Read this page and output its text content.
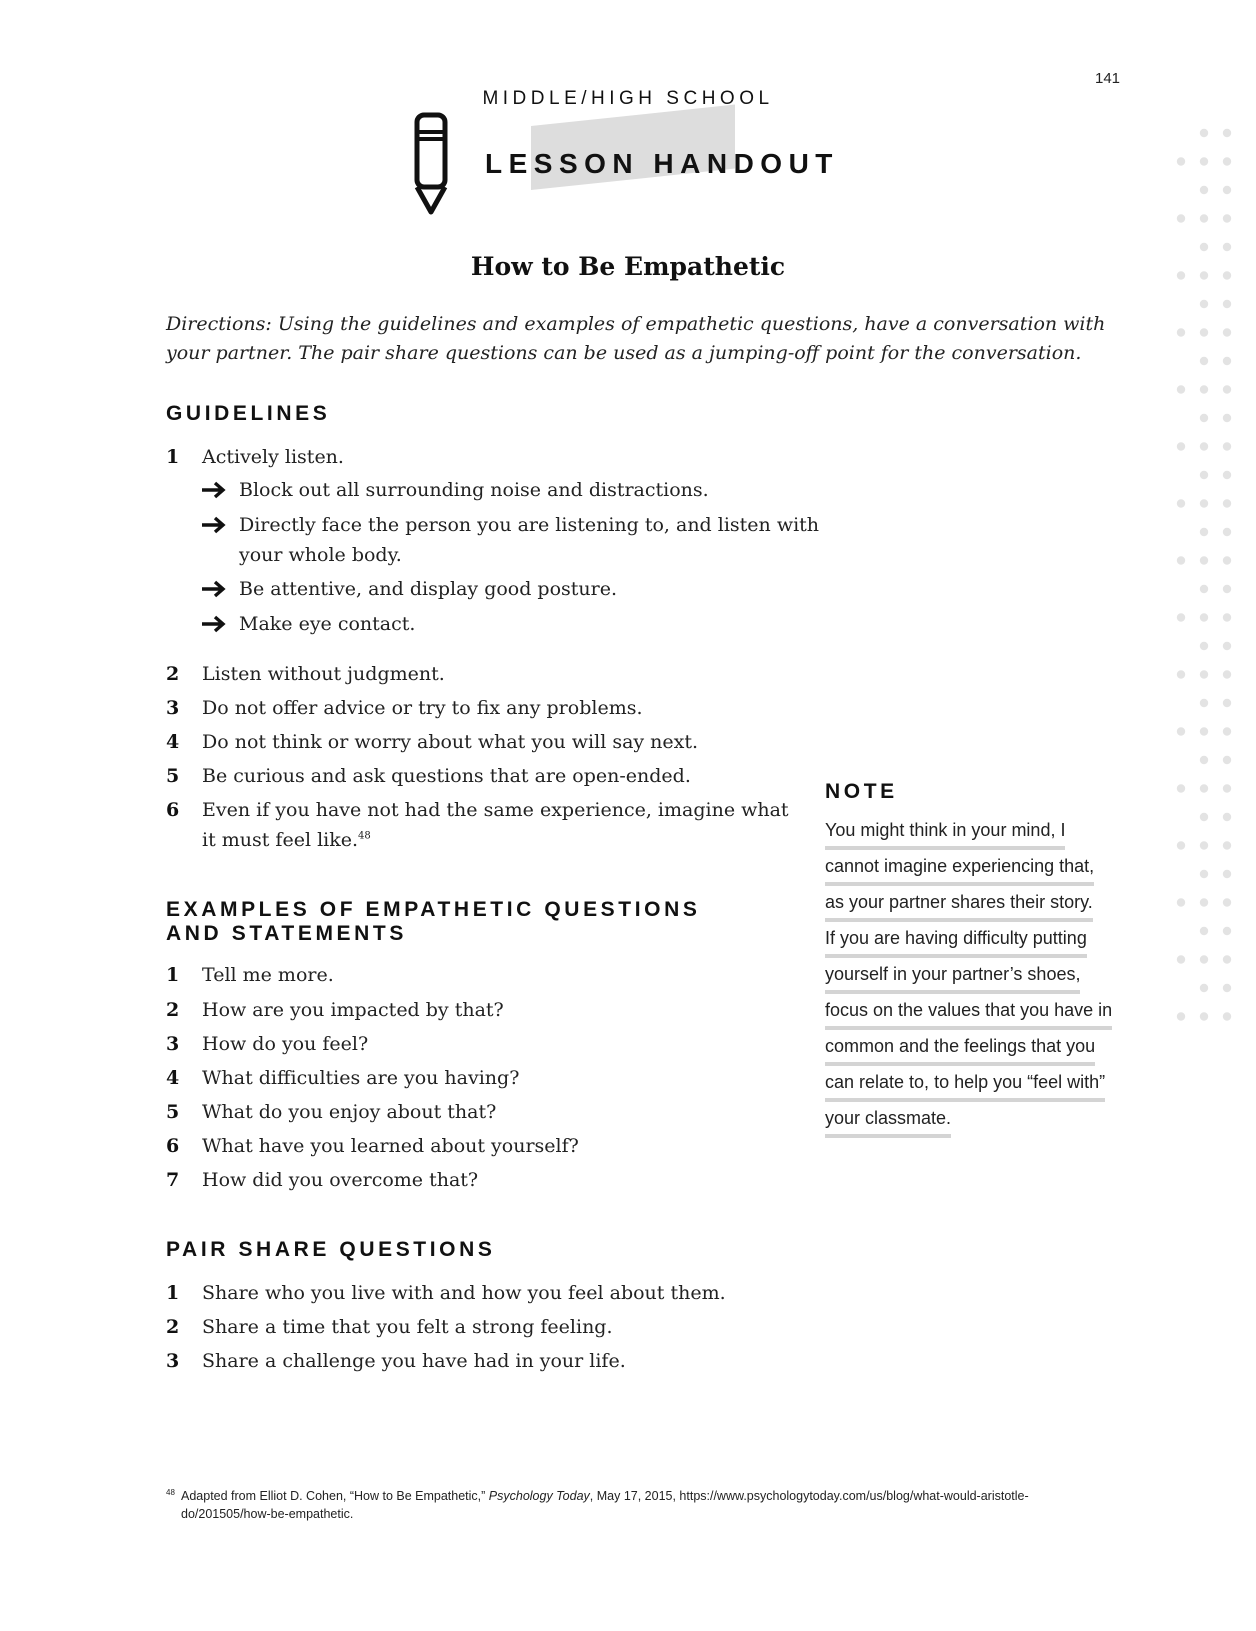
141
MIDDLE/HIGH SCHOOL
LESSON HANDOUT
How to Be Empathetic
Directions: Using the guidelines and examples of empathetic questions, have a conversation with your partner. The pair share questions can be used as a jumping-off point for the conversation.
GUIDELINES
1	Actively listen.
Block out all surrounding noise and distractions.
Directly face the person you are listening to, and listen with
your whole body.
Be attentive, and display good posture.
Make eye contact.
2	Listen without judgment.
3	Do not offer advice or try to fix any problems.
4	Do not think or worry about what you will say next.
5	Be curious and ask questions that are open-ended.
6	Even if you have not had the same experience, imagine what
it must feel like.$^{48}$
EXAMPLES OF EMPATHETIC QUESTIONS
AND STATEMENTS
1	Tell me more.
2	How are you impacted by that?
3	How do you feel?
4	What difficulties are you having?
5	What do you enjoy about that?
6	What have you learned about yourself?
7	How did you overcome that?
PAIR SHARE QUESTIONS
1	Share who you live with and how you feel about them.
2	Share a time that you felt a strong feeling.
3	Share a challenge you have had in your life.
NOTE
You might think in your mind, I
cannot imagine experiencing that,
as your partner shares their story.
If you are having difficulty putting
yourself in your partner’s shoes,
focus on the values that you have in
common and the feelings that you
can relate to, to help you “feel with”
your classmate.
48 Adapted from Elliot D. Cohen, “How to Be Empathetic,” Psychology Today, May 17, 2015, https://www.psychologytoday.com/us/blog/what-would-aristotle-do/201505/how-be-empathetic.
